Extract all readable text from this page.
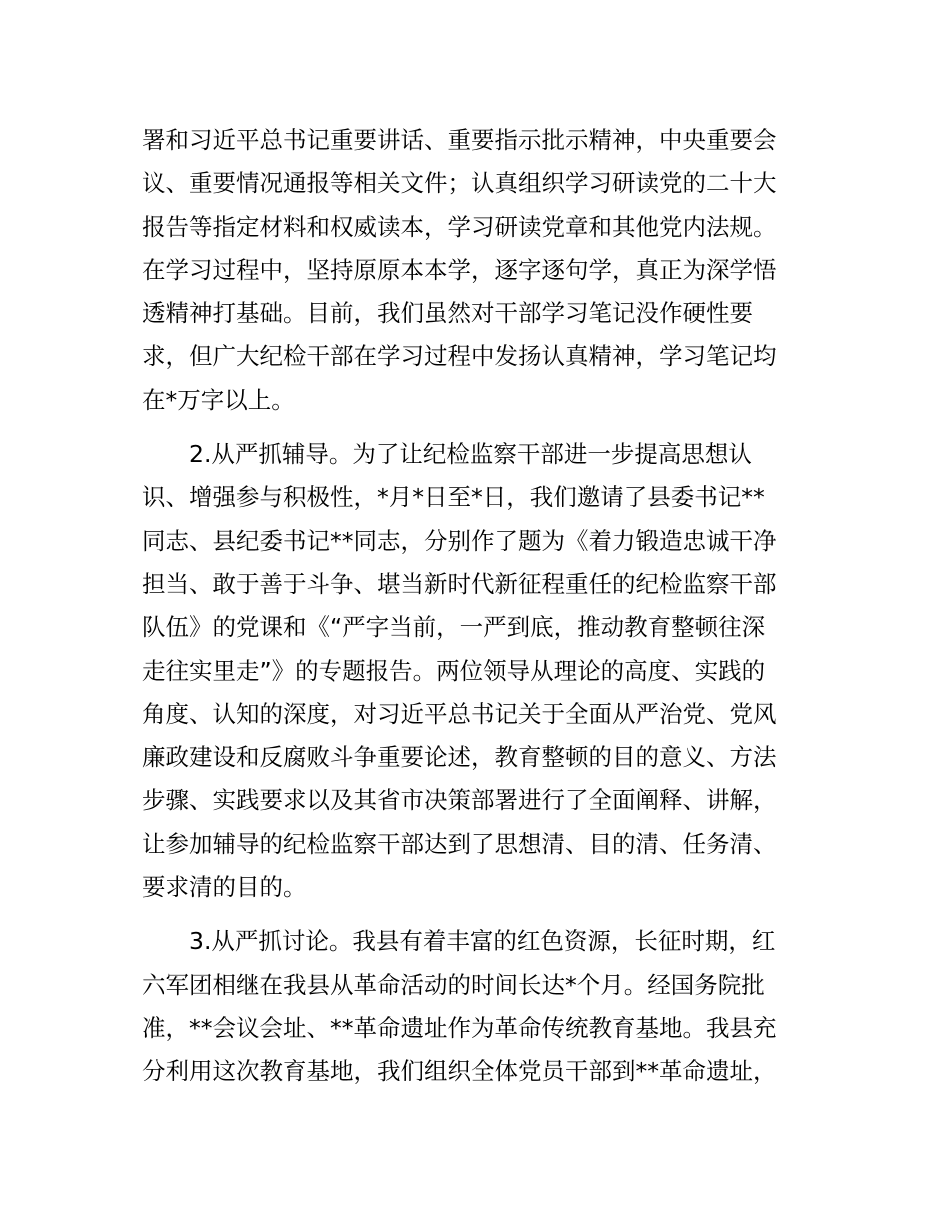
署和习近平总书记重要讲话、重要指示批示精神，中央重要会
议、重要情况通报等相关文件；认真组织学习研读党的二十大
报告等指定材料和权威读本，学习研读党章和其他党内法规。
在学习过程中，坚持原原本本学，逐字逐句学，真正为深学悟
透精神打基础。目前，我们虽然对干部学习笔记没作硬性要
求，但广大纪检干部在学习过程中发扬认真精神，学习笔记均
在*万字以上。
2.从严抓辅导。为了让纪检监察干部进一步提高思想认
识、增强参与积极性，*月*日至*日，我们邀请了县委书记**
同志、县纪委书记**同志，分别作了题为《着力锻造忠诚干净
担当、敢于善于斗争、堪当新时代新征程重任的纪检监察干部
队伍》的党课和《“严字当前，一严到底，推动教育整顿往深
走往实里走”》的专题报告。两位领导从理论的高度、实践的
角度、认知的深度，对习近平总书记关于全面从严治党、党风
廉政建设和反腐败斗争重要论述，教育整顿的目的意义、方法
步骤、实践要求以及其省市决策部署进行了全面阐释、讲解，
让参加辅导的纪检监察干部达到了思想清、目的清、任务清、
要求清的目的。
3.从严抓讨论。我县有着丰富的红色资源，长征时期，红
六军团相继在我县从革命活动的时间长达*个月。经国务院批
准，**会议会址、**革命遗址作为革命传统教育基地。我县充
分利用这次教育基地，我们组织全体党员干部到**革命遗址，
